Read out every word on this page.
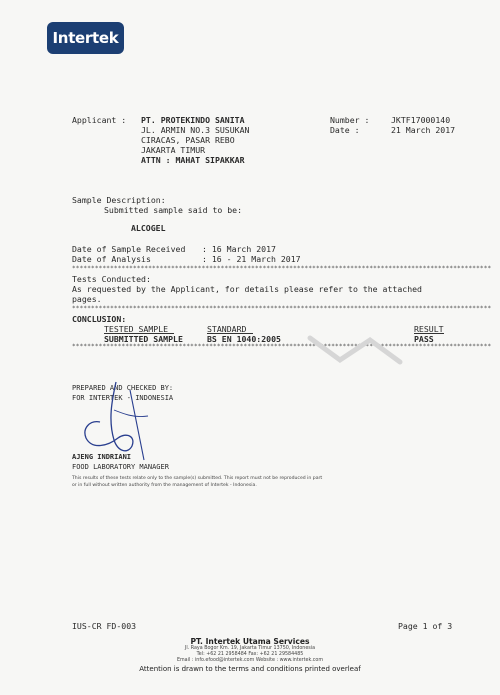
Intertek
Applicant : PT. PROTEKINDO SANITA
JL. ARMIN NO.3 SUSUKAN
CIRACAS, PASAR REBO
JAKARTA TIMUR
ATTN : MAHAT SIPAKKAR
Number :	JKTF17000140
Date :	21 March 2017
Sample Description:
Submitted sample said to be:
ALCOGEL
Date of Sample Received : 16 March 2017
Date of Analysis	: 16 - 21 March 2017
**************************************************************************************************************
Tests Conducted:
As requested by the Applicant, for details please refer to the attached
pages.
**************************************************************************************************************
CONCLUSION:
TESTED SAMPLE	STANDARD	RESULT
SUBMITTED SAMPLE	BS EN 1040:2005	PASS
**************************************************************************************************************
PREPARED AND CHECKED BY:
FOR INTERTEK - INDONESIA
AJENG INDRIANI
FOOD LABORATORY MANAGER
This results of these tests relate only to the sample(s) submitted. This report must not be reproduced in part
or in full without written authority from the management of Intertek - Indonesia.
IUS-CR FD-003	Page 1 of 3
PT. Intertek Utama Services
Jl. Raya Bogor Km. 19, Jakarta Timur 13750, Indonesia
Tel: +62 21 2958484 Fax: +62 21 29584485
Email : info.efood@intertek.com Website : www.intertek.com
Attention is drawn to the terms and conditions printed overleaf
